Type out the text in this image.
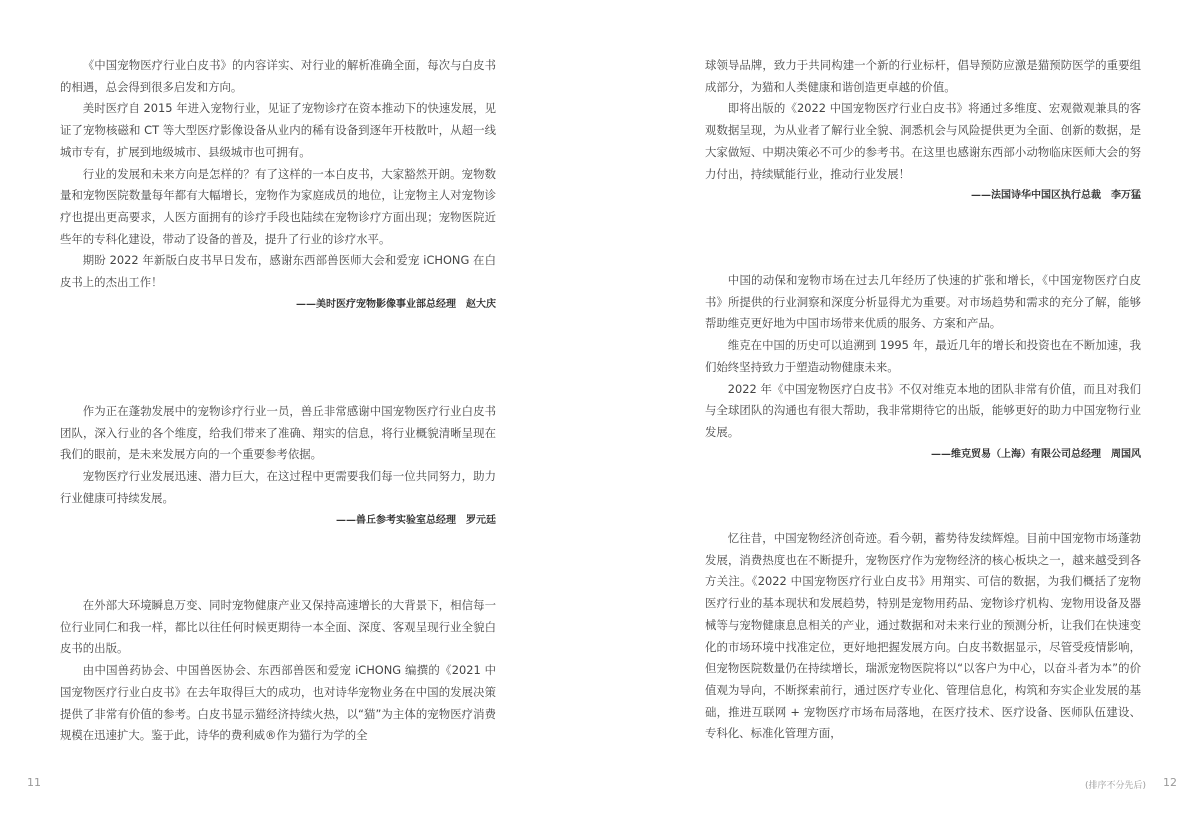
《中国宠物医疗行业白皮书》的内容详实、对行业的解析准确全面，每次与白皮书的相遇，总会得到很多启发和方向。

美时医疗自 2015 年进入宠物行业，见证了宠物诊疗在资本推动下的快速发展，见证了宠物核磁和 CT 等大型医疗影像设备从业内的稀有设备到逐年开枝散叶，从超一线城市专有，扩展到地级城市、县级城市也可拥有。

行业的发展和未来方向是怎样的？有了这样的一本白皮书，大家豁然开朗。宠物数量和宠物医院数量每年都有大幅增长，宠物作为家庭成员的地位，让宠物主人对宠物诊疗也提出更高要求，人医方面拥有的诊疗手段也陆续在宠物诊疗方面出现；宠物医院近些年的专科化建设，带动了设备的普及，提升了行业的诊疗水平。

期盼 2022 年新版白皮书早日发布，感谢东西部兽医师大会和爱宠 iCHONG 在白皮书上的杰出工作！

——美时医疗宠物影像事业部总经理　赵大庆

作为正在蓬勃发展中的宠物诊疗行业一员，兽丘非常感谢中国宠物医疗行业白皮书团队，深入行业的各个维度，给我们带来了准确、翔实的信息，将行业概貌清晰呈现在我们的眼前，是未来发展方向的一个重要参考依据。

宠物医疗行业发展迅速、潜力巨大，在这过程中更需要我们每一位共同努力，助力行业健康可持续发展。

——兽丘参考实验室总经理　罗元廷

在外部大环境瞬息万变、同时宠物健康产业又保持高速增长的大背景下，相信每一位行业同仁和我一样，都比以往任何时候更期待一本全面、深度、客观呈现行业全貌白皮书的出版。

由中国兽药协会、中国兽医协会、东西部兽医和爱宠 iCHONG 编撰的《2021 中国宠物医疗行业白皮书》在去年取得巨大的成功，也对诗华宠物业务在中国的发展决策提供了非常有价值的参考。白皮书显示猫经济持续火热，以“猫”为主体的宠物医疗消费规模在迅速扩大。鉴于此，诗华的费利威®作为猫行为学的全

11

球领导品牌，致力于共同构建一个新的行业标杆，倡导预防应激是猫预防医学的重要组成部分，为猫和人类健康和谐创造更卓越的价值。

即将出版的《2022 中国宠物医疗行业白皮书》将通过多维度、宏观微观兼具的客观数据呈现，为从业者了解行业全貌、洞悉机会与风险提供更为全面、创新的数据，是大家做短、中期决策必不可少的参考书。在这里也感谢东西部小动物临床医师大会的努力付出，持续赋能行业，推动行业发展！

——法国诗华中国区执行总裁　李万猛

中国的动保和宠物市场在过去几年经历了快速的扩张和增长，《中国宠物医疗白皮书》所提供的行业洞察和深度分析显得尤为重要。对市场趋势和需求的充分了解，能够帮助维克更好地为中国市场带来优质的服务、方案和产品。

维克在中国的历史可以追溯到 1995 年，最近几年的增长和投资也在不断加速，我们始终坚持致力于塑造动物健康未来。

2022 年《中国宠物医疗白皮书》不仅对维克本地的团队非常有价值，而且对我们与全球团队的沟通也有很大帮助，我非常期待它的出版，能够更好的助力中国宠物行业发展。

——维克贸易（上海）有限公司总经理　周国风

忆往昔，中国宠物经济创奇迹。看今朝，蓄势待发续辉煌。目前中国宠物市场蓬勃发展，消费热度也在不断提升，宠物医疗作为宠物经济的核心板块之一，越来越受到各方关注。《2022 中国宠物医疗行业白皮书》用翔实、可信的数据，为我们概括了宠物医疗行业的基本现状和发展趋势，特别是宠物用药品、宠物诊疗机构、宠物用设备及器械等与宠物健康息息相关的产业，通过数据和对未来行业的预测分析，让我们在快速变化的市场环境中找准定位，更好地把握发展方向。白皮书数据显示，尽管受疫情影响，但宠物医院数量仍在持续增长，瑞派宠物医院将以“以客户为中心，以奋斗者为本”的价值观为导向，不断探索前行，通过医疗专业化、管理信息化，构筑和夯实企业发展的基础，推进互联网 + 宠物医疗市场布局落地，在医疗技术、医疗设备、医师队伍建设、专科化、标准化管理方面，

(排序不分先后) 12
